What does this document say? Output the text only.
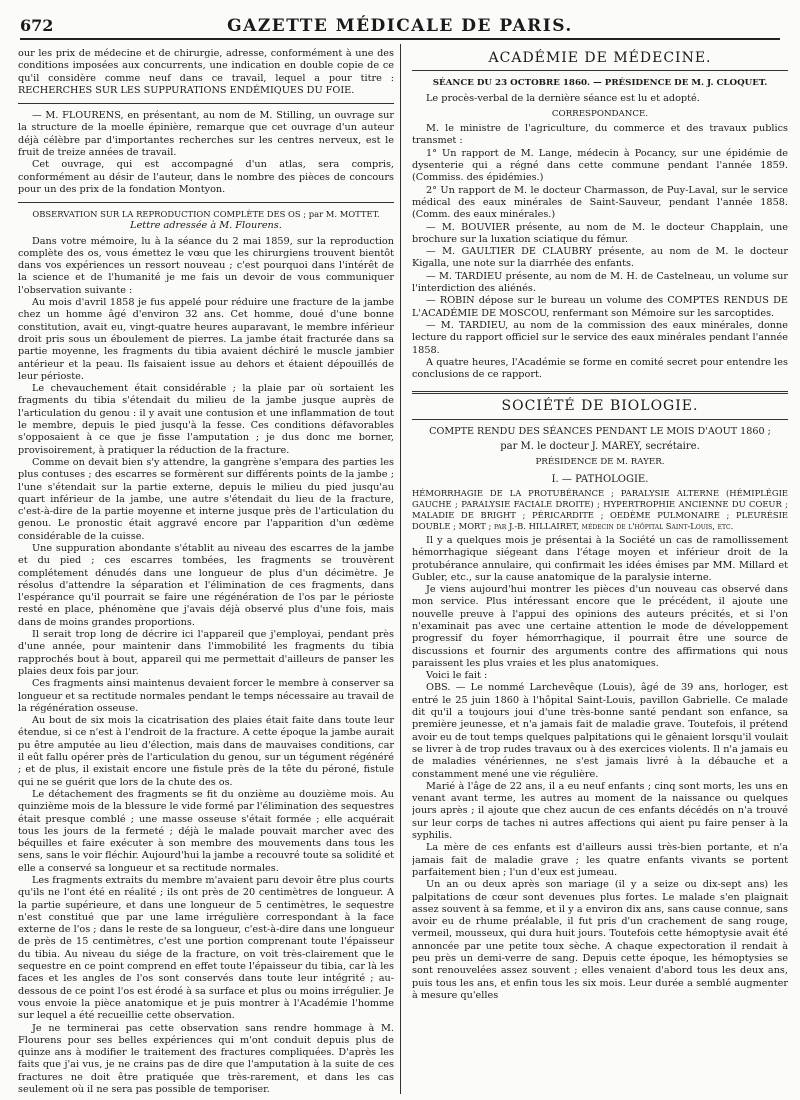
672	GAZETTE MÉDICALE DE PARIS.

our les prix de médecine et de chirurgie, adresse, conformément à une des conditions imposées aux concurrents, une indication en double copie de ce qu'il considère comme neuf dans ce travail, lequel a pour titre : RECHERCHES SUR LES SUPPURATIONS ENDÉMIQUES DU FOIE.

— M. FLOURENS, en présentant, au nom de M. Stilling, un ouvrage sur la structure de la moelle épinière, remarque que cet ouvrage d'un auteur déjà célèbre par d'importantes recherches sur les centres nerveux, est le fruit de treize années de travail.

Cet ouvrage, qui est accompagné d'un atlas, sera compris, conformément au désir de l'auteur, dans le nombre des pièces de concours pour un des prix de la fondation Montyon.

OBSERVATION SUR LA REPRODUCTION COMPLÈTE DES OS ; par M. MOTTET.

Lettre adressée à M. Flourens.

Dans votre mémoire, lu à la séance du 2 mai 1859, sur la reproduction complète des os, vous émettez le vœu que les chirurgiens trouvent bientôt dans vos expériences un ressort nouveau ; c'est pourquoi dans l'intérêt de la science et de l'humanité je me fais un devoir de vous communiquer l'observation suivante :

Au mois d'avril 1858 je fus appelé pour réduire une fracture de la jambe chez un homme âgé d'environ 32 ans. Cet homme, doué d'une bonne constitution, avait eu, vingt-quatre heures auparavant, le membre inférieur droit pris sous un éboulement de pierres. La jambe était fracturée dans sa partie moyenne, les fragments du tibia avaient déchiré le muscle jambier antérieur et la peau. Ils faisaient issue au dehors et étaient dépouillés de leur périoste.

Le chevauchement était considérable ; la plaie par où sortaient les fragments du tibia s'étendait du milieu de la jambe jusque auprès de l'articulation du genou : il y avait une contusion et une inflammation de tout le membre, depuis le pied jusqu'à la fesse. Ces conditions défavorables s'opposaient à ce que je fisse l'amputation ; je dus donc me borner, provisoirement, à pratiquer la réduction de la fracture.

Comme on devait bien s'y attendre, la gangrène s'empara des parties les plus contuses ; des escarres se formèrent sur différents points de la jambe ; l'une s'étendait sur la partie externe, depuis le milieu du pied jusqu'au quart inférieur de la jambe, une autre s'étendait du lieu de la fracture, c'est-à-dire de la partie moyenne et interne jusque près de l'articulation du genou. Le pronostic était aggravé encore par l'apparition d'un œdème considérable de la cuisse.

Une suppuration abondante s'établit au niveau des escarres de la jambe et du pied ; ces escarres tombées, les fragments se trouvèrent complétement dénudés dans une longueur de plus d'un décimètre. Je résolus d'attendre la séparation et l'élimination de ces fragments, dans l'espérance qu'il pourrait se faire une régénération de l'os par le périoste resté en place, phénomène que j'avais déjà observé plus d'une fois, mais dans de moins grandes proportions.

Il serait trop long de décrire ici l'appareil que j'employai, pendant près d'une année, pour maintenir dans l'immobilité les fragments du tibia rapprochés bout à bout, appareil qui me permettait d'ailleurs de panser les plaies deux fois par jour.

Ces fragments ainsi maintenus devaient forcer le membre à conserver sa longueur et sa rectitude normales pendant le temps nécessaire au travail de la régénération osseuse.

Au bout de six mois la cicatrisation des plaies était faite dans toute leur étendue, si ce n'est à l'endroit de la fracture. A cette époque la jambe aurait pu être amputée au lieu d'élection, mais dans de mauvaises conditions, car il eût fallu opérer près de l'articulation du genou, sur un tégument régénéré ; et de plus, il existait encore une fistule près de la tête du péroné, fistule qui ne se guérit que lors de la chute des os.

Le détachement des fragments se fit du onzième au douzième mois. Au quinzième mois de la blessure le vide formé par l'élimination des sequestres était presque comblé ; une masse osseuse s'était formée ; elle acquérait tous les jours de la fermeté ; déjà le malade pouvait marcher avec des béquilles et faire exécuter à son membre des mouvements dans tous les sens, sans le voir fléchir. Aujourd'hui la jambe a recouvré toute sa solidité et elle a conservé sa longueur et sa rectitude normales.

Les fragments extraits du membre m'avaient paru devoir être plus courts qu'ils ne l'ont été en réalité ; ils ont près de 20 centimètres de longueur. A la partie supérieure, et dans une longueur de 5 centimètres, le sequestre n'est constitué que par une lame irrégulière correspondant à la face externe de l'os ; dans le reste de sa longueur, c'est-à-dire dans une longueur de près de 15 centimètres, c'est une portion comprenant toute l'épaisseur du tibia. Au niveau du siége de la fracture, on voit très-clairement que le sequestre en ce point comprend en effet toute l'épaisseur du tibia, car là les faces et les angles de l'os sont conservés dans toute leur intégrité ; au-dessous de ce point l'os est érodé à sa surface et plus ou moins irrégulier. Je vous envoie la pièce anatomique et je puis montrer à l'Académie l'homme sur lequel a été recueillie cette observation.

Je ne terminerai pas cette observation sans rendre hommage à M. Flourens pour ses belles expériences qui m'ont conduit depuis plus de quinze ans à modifier le traitement des fractures compliquées. D'après les faits que j'ai vus, je ne crains pas de dire que l'amputation à la suite de ces fractures ne doit être pratiquée que très-rarement, et dans les cas seulement où il ne sera pas possible de temporiser.

ACADÉMIE DE MÉDECINE.
SÉANCE DU 23 OCTOBRE 1860. — PRÉSIDENCE DE M. J. CLOQUET.

Le procès-verbal de la dernière séance est lu et adopté.

CORRESPONDANCE.

M. le ministre de l'agriculture, du commerce et des travaux publics transmet :

1° Un rapport de M. Lange, médecin à Pocancy, sur une épidémie de dysenterie qui a régné dans cette commune pendant l'année 1859. (Commiss. des épidémies.)

2° Un rapport de M. le docteur Charmasson, de Puy-Laval, sur le service médical des eaux minérales de Saint-Sauveur, pendant l'année 1858. (Comm. des eaux minérales.)

— M. BOUVIER présente, au nom de M. le docteur Chapplain, une brochure sur la luxation sciatique du fémur.

— M. GAULTIER DE CLAUBRY présente, au nom de M. le docteur Kigalla, une note sur la diarrhée des enfants.

— M. TARDIEU présente, au nom de M. H. de Castelneau, un volume sur l'interdiction des aliénés.

— ROBIN dépose sur le bureau un volume des COMPTES RENDUS DE L'ACADÉMIE DE MOSCOU, renfermant son Mémoire sur les sarcoptides.

— M. TARDIEU, au nom de la commission des eaux minérales, donne lecture du rapport officiel sur le service des eaux minérales pendant l'année 1858.

A quatre heures, l'Académie se forme en comité secret pour entendre les conclusions de ce rapport.

SOCIÉTÉ DE BIOLOGIE.
COMPTE RENDU DES SÉANCES PENDANT LE MOIS D'AOUT 1860 ;
par M. le docteur J. MAREY, secrétaire.
PRÉSIDENCE DE M. RAYER.
I. — PATHOLOGIE.

HÉMORRHAGIE DE LA PROTUBÉRANCE ; PARALYSIE ALTERNE (HÉMIPLÉGIE GAUCHE ; PARALYSIE FACIALE DROITE) ; HYPERTROPHIE ANCIENNE DU COEUR ; MALADIE DE BRIGHT ; PÉRICARDITE ; OEDÈME PULMONAIRE ; PLEURÉSIE DOUBLE ; MORT ; par J.-B. HILLAIRET, médecin de l'hôpital Saint-Louis, etc.

Il y a quelques mois je présentai à la Société un cas de ramollissement hémorrhagique siégeant dans l'étage moyen et inférieur droit de la protubérance annulaire, qui confirmait les idées émises par MM. Millard et Gubler, etc., sur la cause anatomique de la paralysie interne.

Je viens aujourd'hui montrer les pièces d'un nouveau cas observé dans mon service. Plus intéressant encore que le précédent, il ajoute une nouvelle preuve à l'appui des opinions des auteurs précités, et si l'on n'examinait pas avec une certaine attention le mode de développement progressif du foyer hémorrhagique, il pourrait être une source de discussions et fournir des arguments contre des affirmations qui nous paraissent les plus vraies et les plus anatomiques.

Voici le fait :

OBS. — Le nommé Larchevêque (Louis), âgé de 39 ans, horloger, est entré le 25 juin 1860 à l'hôpital Saint-Louis, pavillon Gabrielle. Ce malade dit qu'il a toujours joui d'une très-bonne santé pendant son enfance, sa première jeunesse, et n'a jamais fait de maladie grave. Toutefois, il prétend avoir eu de tout temps quelques palpitations qui le gênaient lorsqu'il voulait se livrer à de trop rudes travaux ou à des exercices violents. Il n'a jamais eu de maladies vénériennes, ne s'est jamais livré à la débauche et a constamment mené une vie régulière.

Marié à l'âge de 22 ans, il a eu neuf enfants ; cinq sont morts, les uns en venant avant terme, les autres au moment de la naissance ou quelques jours après ; il ajoute que chez aucun de ces enfants décédés on n'a trouvé sur leur corps de taches ni autres affections qui aient pu faire penser à la syphilis.

La mère de ces enfants est d'ailleurs aussi très-bien portante, et n'a jamais fait de maladie grave ; les quatre enfants vivants se portent parfaitement bien ; l'un d'eux est jumeau.

Un an ou deux après son mariage (il y a seize ou dix-sept ans) les palpitations de cœur sont devenues plus fortes. Le malade s'en plaignait assez souvent à sa femme, et il y a environ dix ans, sans cause connue, sans avoir eu de rhume préalable, il fut pris d'un crachement de sang rouge, vermeil, mousseux, qui dura huit jours. Toutefois cette hémoptysie avait été annoncée par une petite toux sèche. A chaque expectoration il rendait à peu près un demi-verre de sang. Depuis cette époque, les hémoptysies se sont renouvelées assez souvent ; elles venaient d'abord tous les deux ans, puis tous les ans, et enfin tous les six mois. Leur durée a semblé augmenter à mesure qu'elles
